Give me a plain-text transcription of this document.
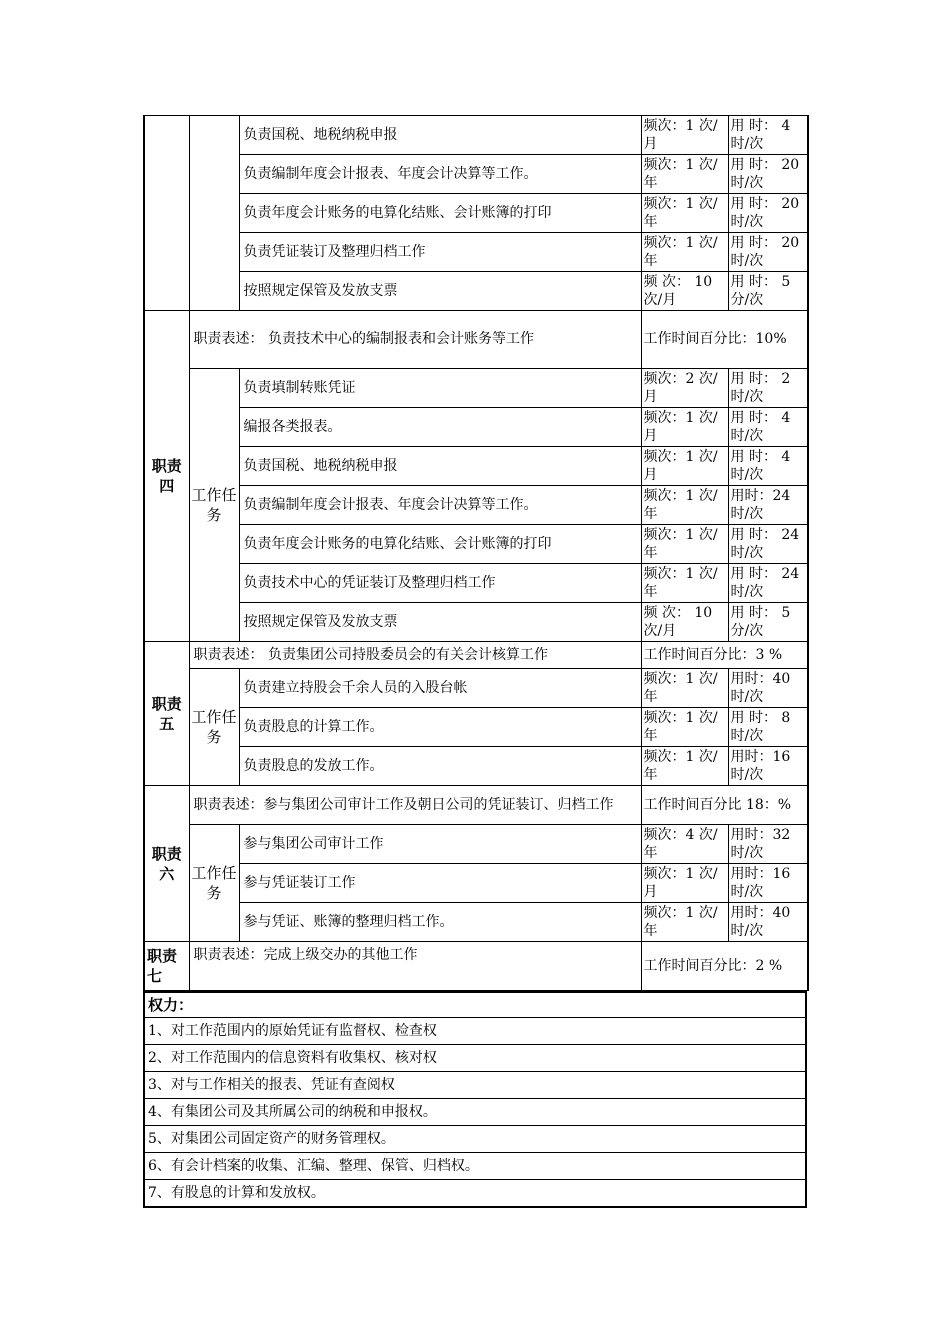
		负责国税、地税纳税申报	频次：1 次/ 月	用 时： 4时/次
		负责编制年度会计报表、年度会计决算等工作。	频次：1 次/ 年	用 时： 20时/次
		负责年度会计账务的电算化结账、会计账簿的打印	频次：1 次/年	用 时： 20时/次
		负责凭证装订及整理归档工作	频次：1 次/年	用 时： 20时/次
		按照规定保管及发放支票	频 次： 10次/月	用 时： 5分/次
职责四	职责表述： 负责技术中心的编制报表和会计账务等工作		工作时间百分比：10%	
	工作任务	负责填制转账凭证	频次：2 次/月	用 时： 2时/次
		编报各类报表。	频次：1 次/月	用 时： 4时/次
		负责国税、地税纳税申报	频次：1 次/月	用 时： 4时/次
		负责编制年度会计报表、年度会计决算等工作。	频次：1 次/年	用时：24时/次
		负责年度会计账务的电算化结账、会计账簿的打印	频次：1 次/年	用 时： 24时/次
		负责技术中心的凭证装订及整理归档工作	频次：1 次/年	用 时： 24时/次
		按照规定保管及发放支票	频 次： 10次/月	用 时： 5分/次
职责五	职责表述： 负责集团公司持股委员会的有关会计核算工作		工作时间百分比：3 %	
	工作任务	负责建立持股会千余人员的入股台帐	频次：1 次/ 年	用时：40时/次
		负责股息的计算工作。	频次：1 次/ 年	用 时： 8时/次
		负责股息的发放工作。	频次：1 次/年	用时：16时/次
职责六	职责表述：参与集团公司审计工作及朝日公司的凭证装订、归档工作		工作时间百分比 18：%	
	工作任务	参与集团公司审计工作	频次：4 次/年	用时：32时/次
		参与凭证装订工作	频次：1 次/月	用时：16时/次
		参与凭证、账簿的整理归档工作。	频次：1 次/年	用时：40时/次
职责七	职责表述：完成上级交办的其他工作		工作时间百分比：2 %	
权力：
1、对工作范围内的原始凭证有监督权、检查权
2、对工作范围内的信息资料有收集权、核对权
3、对与工作相关的报表、凭证有查阅权
4、有集团公司及其所属公司的纳税和申报权。
5、对集团公司固定资产的财务管理权。
6、有会计档案的收集、汇编、整理、保管、归档权。
7、有股息的计算和发放权。
